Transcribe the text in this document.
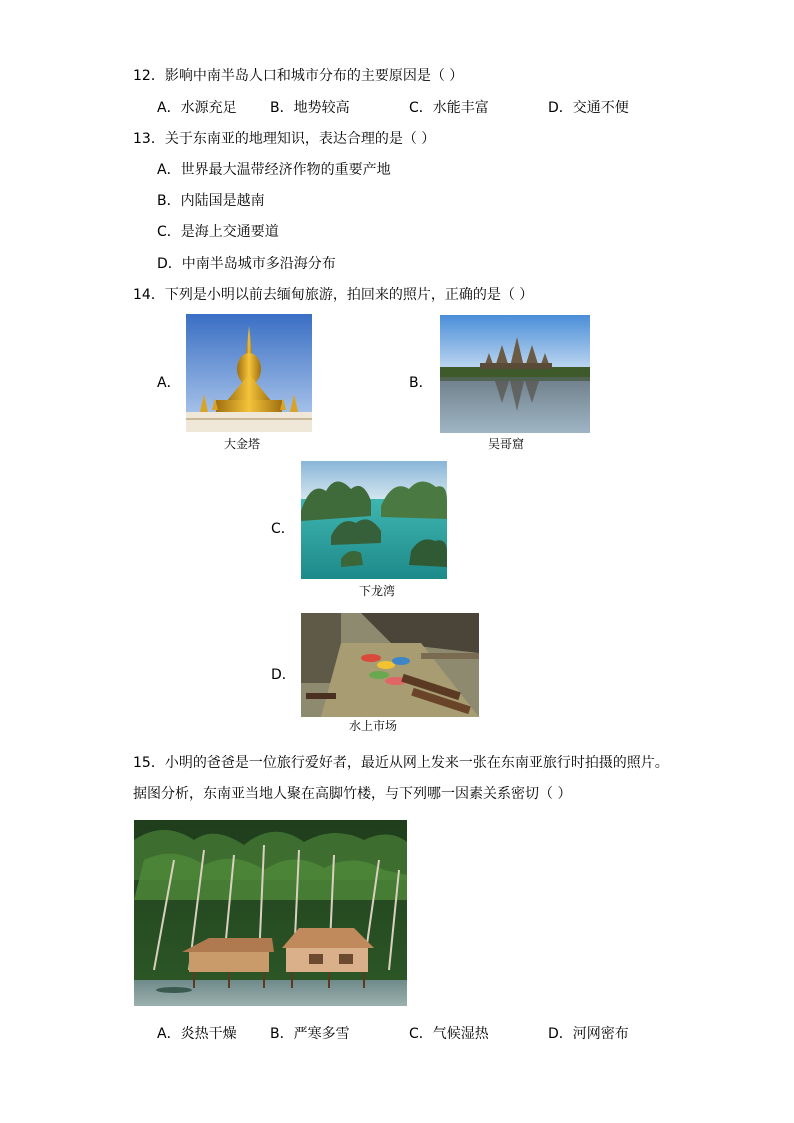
12．影响中南半岛人口和城市分布的主要原因是（ ）
A．水源充足 B．地势较高	C．水能丰富	D．交通不便
13．关于东南亚的地理知识，表达合理的是（ ）
A．世界最大温带经济作物的重要产地
B．内陆国是越南
C．是海上交通要道
D．中南半岛城市多沿海分布
14．下列是小明以前去缅甸旅游，拍回来的照片，正确的是（ ）
A．
大金塔
B．
吴哥窟
C．
下龙湾
D．
水上市场
15．小明的爸爸是一位旅行爱好者，最近从网上发来一张在东南亚旅行时拍摄的照片。
据图分析，东南亚当地人聚在高脚竹楼，与下列哪一因素关系密切（ ）
A．炎热干燥 B．严寒多雪	C．气候湿热	D．河网密布
